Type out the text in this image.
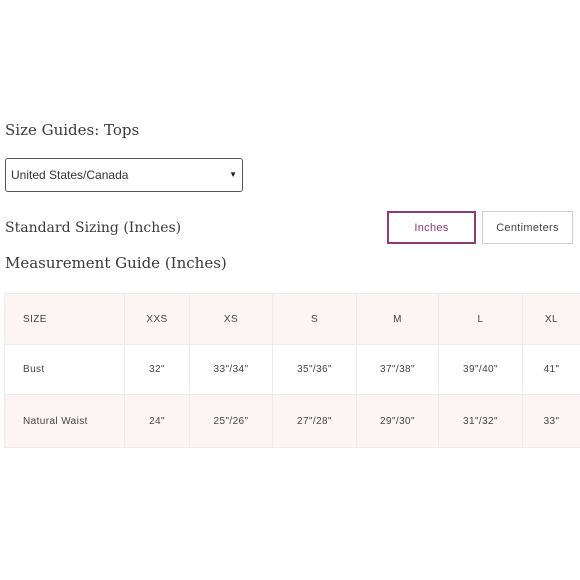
Size Guides: Tops
United States/Canada	▼
Standard Sizing (Inches)	Inches	Centimeters
Measurement Guide (Inches)
SIZE	XXS	XS	S	M	L	XL
Bust	32"	33"/34"	35"/36"	37"/38"	39"/40"	41"
Natural Waist	24"	25"/26"	27"/28"	29"/30"	31"/32"	33"
